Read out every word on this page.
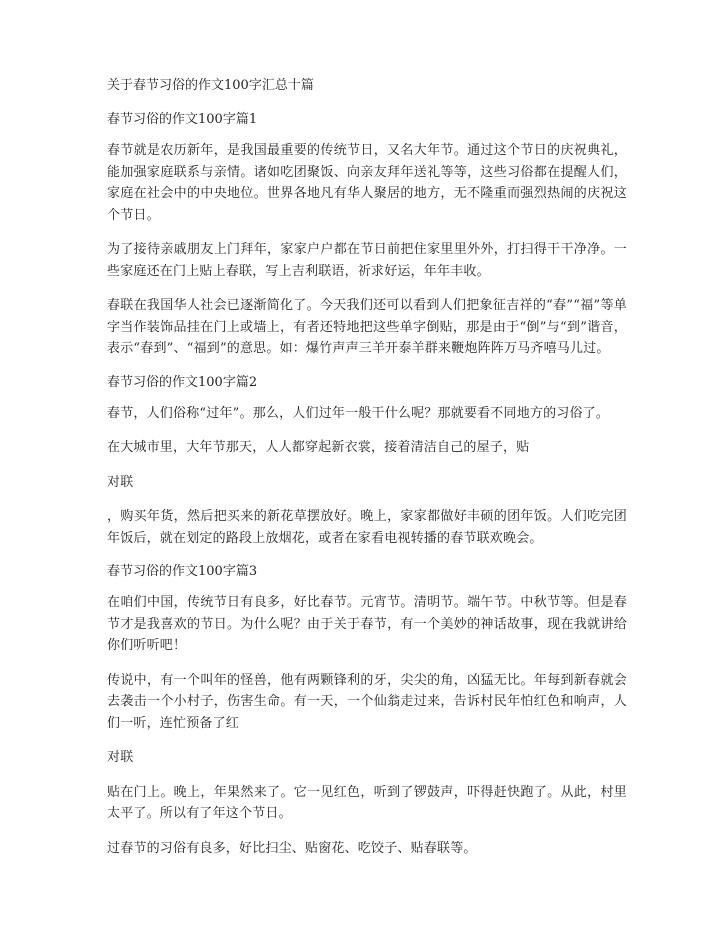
关于春节习俗的作文100字汇总十篇
春节习俗的作文100字篇1

春节就是农历新年，是我国最重要的传统节日，又名大年节。通过这个节日的庆祝典礼，能加强家庭联系与亲情。诸如吃团聚饭、向亲友拜年送礼等等，这些习俗都在提醒人们，家庭在社会中的中央地位。世界各地凡有华人聚居的地方，无不隆重而强烈热闹的庆祝这个节日。

为了接待亲戚朋友上门拜年，家家户户都在节日前把住家里里外外，打扫得干干净净。一些家庭还在门上贴上春联，写上吉利联语，祈求好运，年年丰收。

春联在我国华人社会已逐渐简化了。今天我们还可以看到人们把象征吉祥的“春”“福”等单字当作装饰品挂在门上或墙上，有者还特地把这些单字倒贴，那是由于“倒”与“到”谐音，表示“春到”、“福到”的意思。如：爆竹声声三羊开泰羊群来鞭炮阵阵万马齐嘻马儿过。

春节习俗的作文100字篇2

春节，人们俗称“过年”。那么，人们过年一般干什么呢？那就要看不同地方的习俗了。

在大城市里，大年节那天，人人都穿起新衣裳，接着清洁自己的屋子，贴

对联

，购买年货，然后把买来的新花草摆放好。晚上，家家都做好丰硕的团年饭。人们吃完团年饭后，就在划定的路段上放烟花，或者在家看电视转播的春节联欢晚会。

春节习俗的作文100字篇3

在咱们中国，传统节日有良多，好比春节。元宵节。清明节。端午节。中秋节等。但是春节才是我喜欢的节日。为什么呢？由于关于春节，有一个美妙的神话故事，现在我就讲给你们听听吧！

传说中，有一个叫年的怪兽，他有两颗锋利的牙，尖尖的角，凶猛无比。年每到新春就会去袭击一个小村子，伤害生命。有一天，一个仙翁走过来，告诉村民年怕红色和响声，人们一听，连忙预备了红

对联

贴在门上。晚上，年果然来了。它一见红色，听到了锣鼓声，吓得赶快跑了。从此，村里太平了。所以有了年这个节日。

过春节的习俗有良多，好比扫尘、贴窗花、吃饺子、贴春联等。
